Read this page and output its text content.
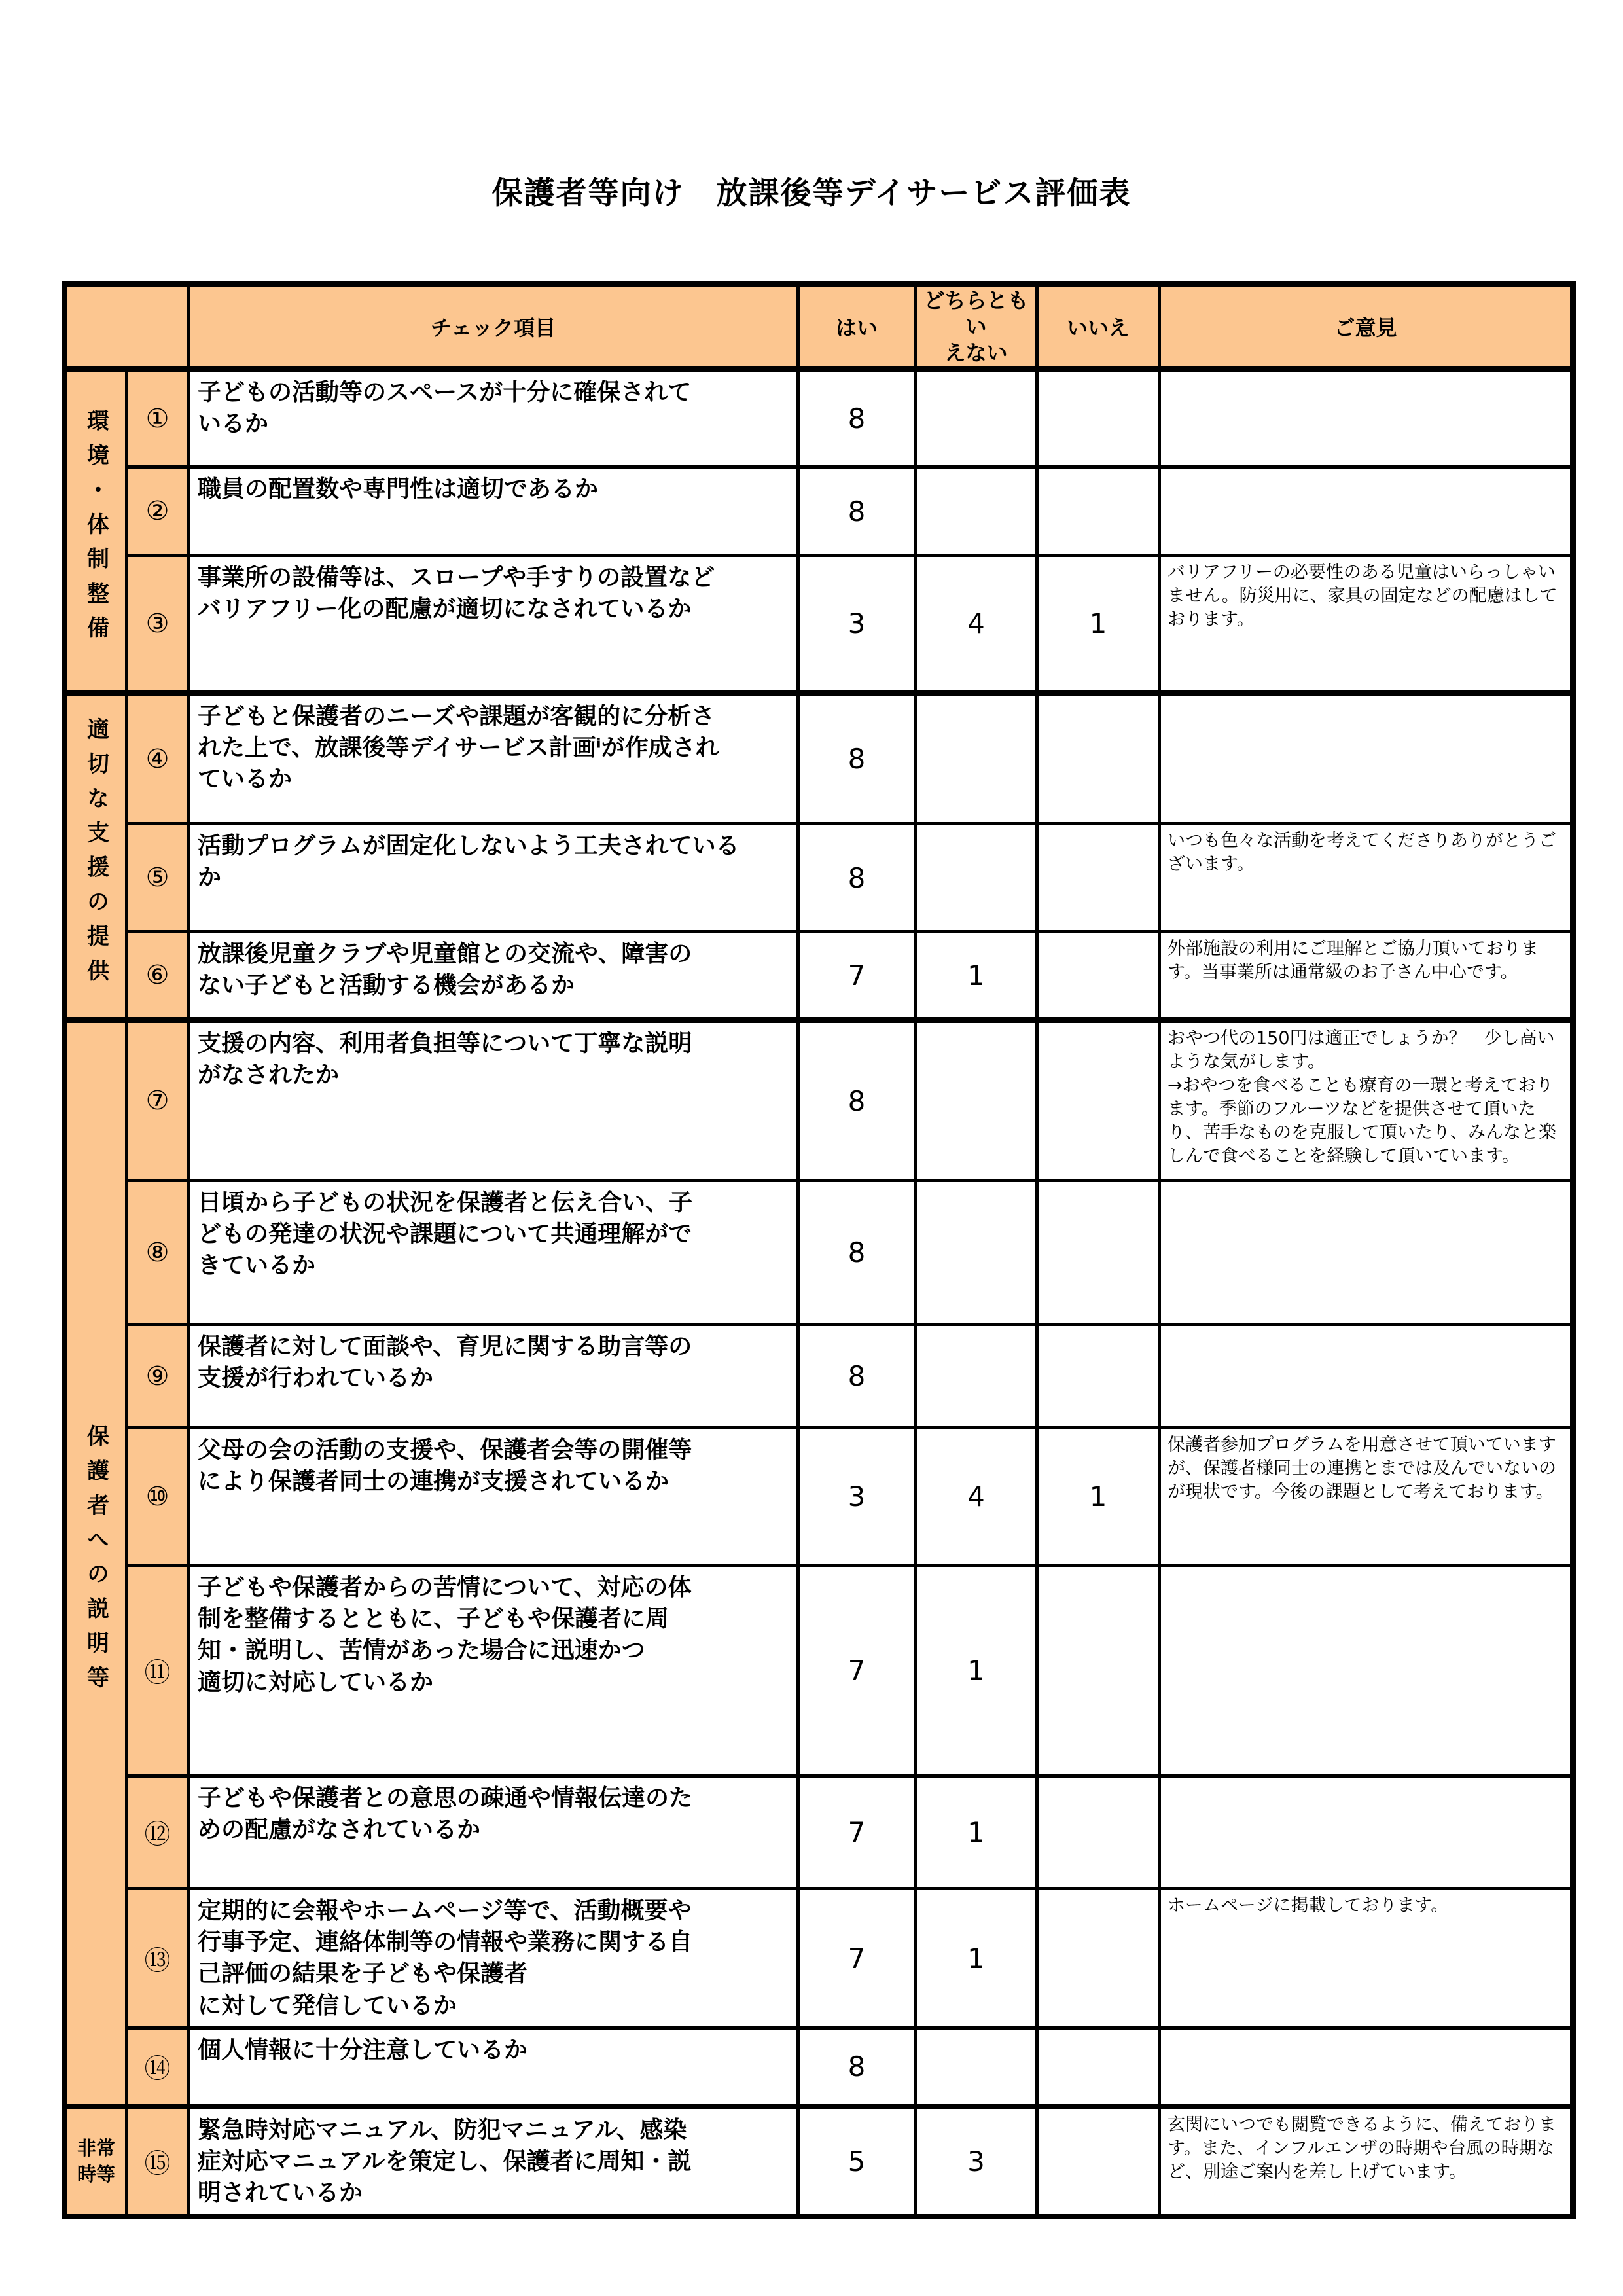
保護者等向け　放課後等デイサービス評価表
		チェック項目	はい	どちらともい
えない	いいえ	ご意見
環境・体制整備	①	子どもの活動等のスペースが十分に確保されて
いるか	8			
	②	職員の配置数や専門性は適切であるか	8			
	③	事業所の設備等は、スロープや手すりの設置など
バリアフリー化の配慮が適切になされているか	3	4	1	バリアフリーの必要性のある児童はいらっしゃいません。防災用に、家具の固定などの配慮はしております。
適切な支援の提供	④	子どもと保護者のニーズや課題が客観的に分析さ
れた上で、放課後等デイサービス計画ⁱが作成され
ているか	8			
	⑤	活動プログラムが固定化しないよう工夫されている
か	8			いつも色々な活動を考えてくださりありがとうございます。
	⑥	放課後児童クラブや児童館との交流や、障害の
ない子どもと活動する機会があるか	7	1		外部施設の利用にご理解とご協力頂いております。当事業所は通常級のお子さん中心です。
保護者への説明等	⑦	支援の内容、利用者負担等について丁寧な説明
がなされたか	8			おやつ代の150円は適正でしょうか？　少し高いような気がします。
→おやつを食べることも療育の一環と考えております。季節のフルーツなどを提供させて頂いたり、苦手なものを克服して頂いたり、みんなと楽しんで食べることを経験して頂いています。
	⑧	日頃から子どもの状況を保護者と伝え合い、子
どもの発達の状況や課題について共通理解がで
きているか	8			
	⑨	保護者に対して面談や、育児に関する助言等の
支援が行われているか	8			
	⑩	父母の会の活動の支援や、保護者会等の開催等
により保護者同士の連携が支援されているか	3	4	1	保護者参加プログラムを用意させて頂いていますが、保護者様同士の連携とまでは及んでいないのが現状です。今後の課題として考えております。
	⑪	子どもや保護者からの苦情について、対応の体
制を整備するとともに、子どもや保護者に周
知・説明し、苦情があった場合に迅速かつ
適切に対応しているか	7	1		
	⑫	子どもや保護者との意思の疎通や情報伝達のた
めの配慮がなされているか	7	1		
	⑬	定期的に会報やホームページ等で、活動概要や
行事予定、連絡体制等の情報や業務に関する自
己評価の結果を子どもや保護者
に対して発信しているか	7	1		ホームページに掲載しております。
	⑭	個人情報に十分注意しているか	8			
非常時等	⑮	緊急時対応マニュアル、防犯マニュアル、感染
症対応マニュアルを策定し、保護者に周知・説
明されているか	5	3		玄関にいつでも閲覧できるように、備えております。また、インフルエンザの時期や台風の時期など、別途ご案内を差し上げています。
